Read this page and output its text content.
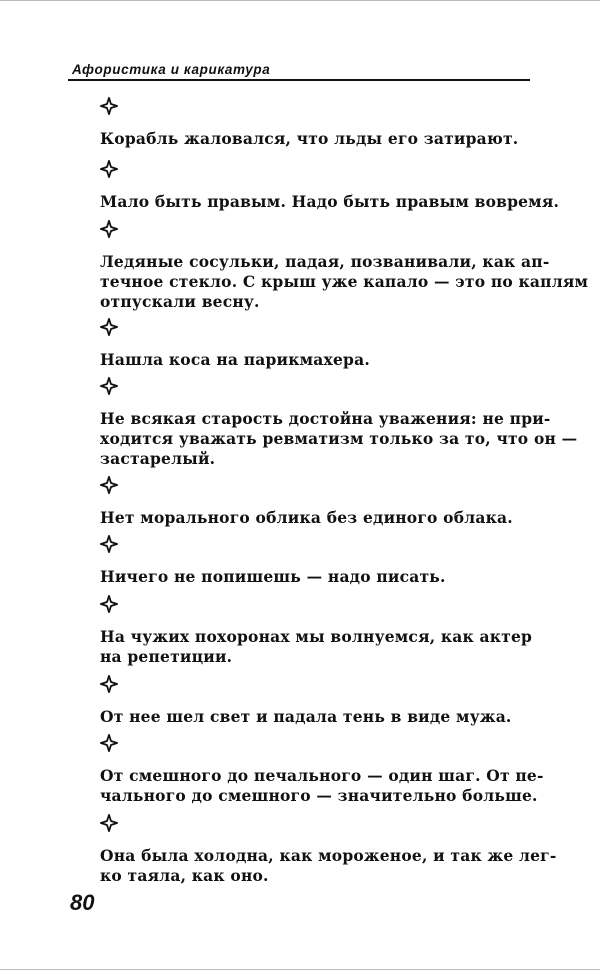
Афористика и карикатура
Корабль жаловался, что льды его затирают.
Мало быть правым. Надо быть правым вовремя.
Ледяные сосульки, падая, позванивали, как ап-
течное стекло. С крыш уже капало — это по каплям
отпускали весну.
Нашла коса на парикмахера.
Не всякая старость достойна уважения: не при-
ходится уважать ревматизм только за то, что он —
застарелый.
Нет морального облика без единого облака.
Ничего не попишешь — надо писать.
На чужих похоронах мы волнуемся, как актер
на репетиции.
От нее шел свет и падала тень в виде мужа.
От смешного до печального — один шаг. От пе-
чального до смешного — значительно больше.
Она была холодна, как мороженое, и так же лег-
ко таяла, как оно.
80
